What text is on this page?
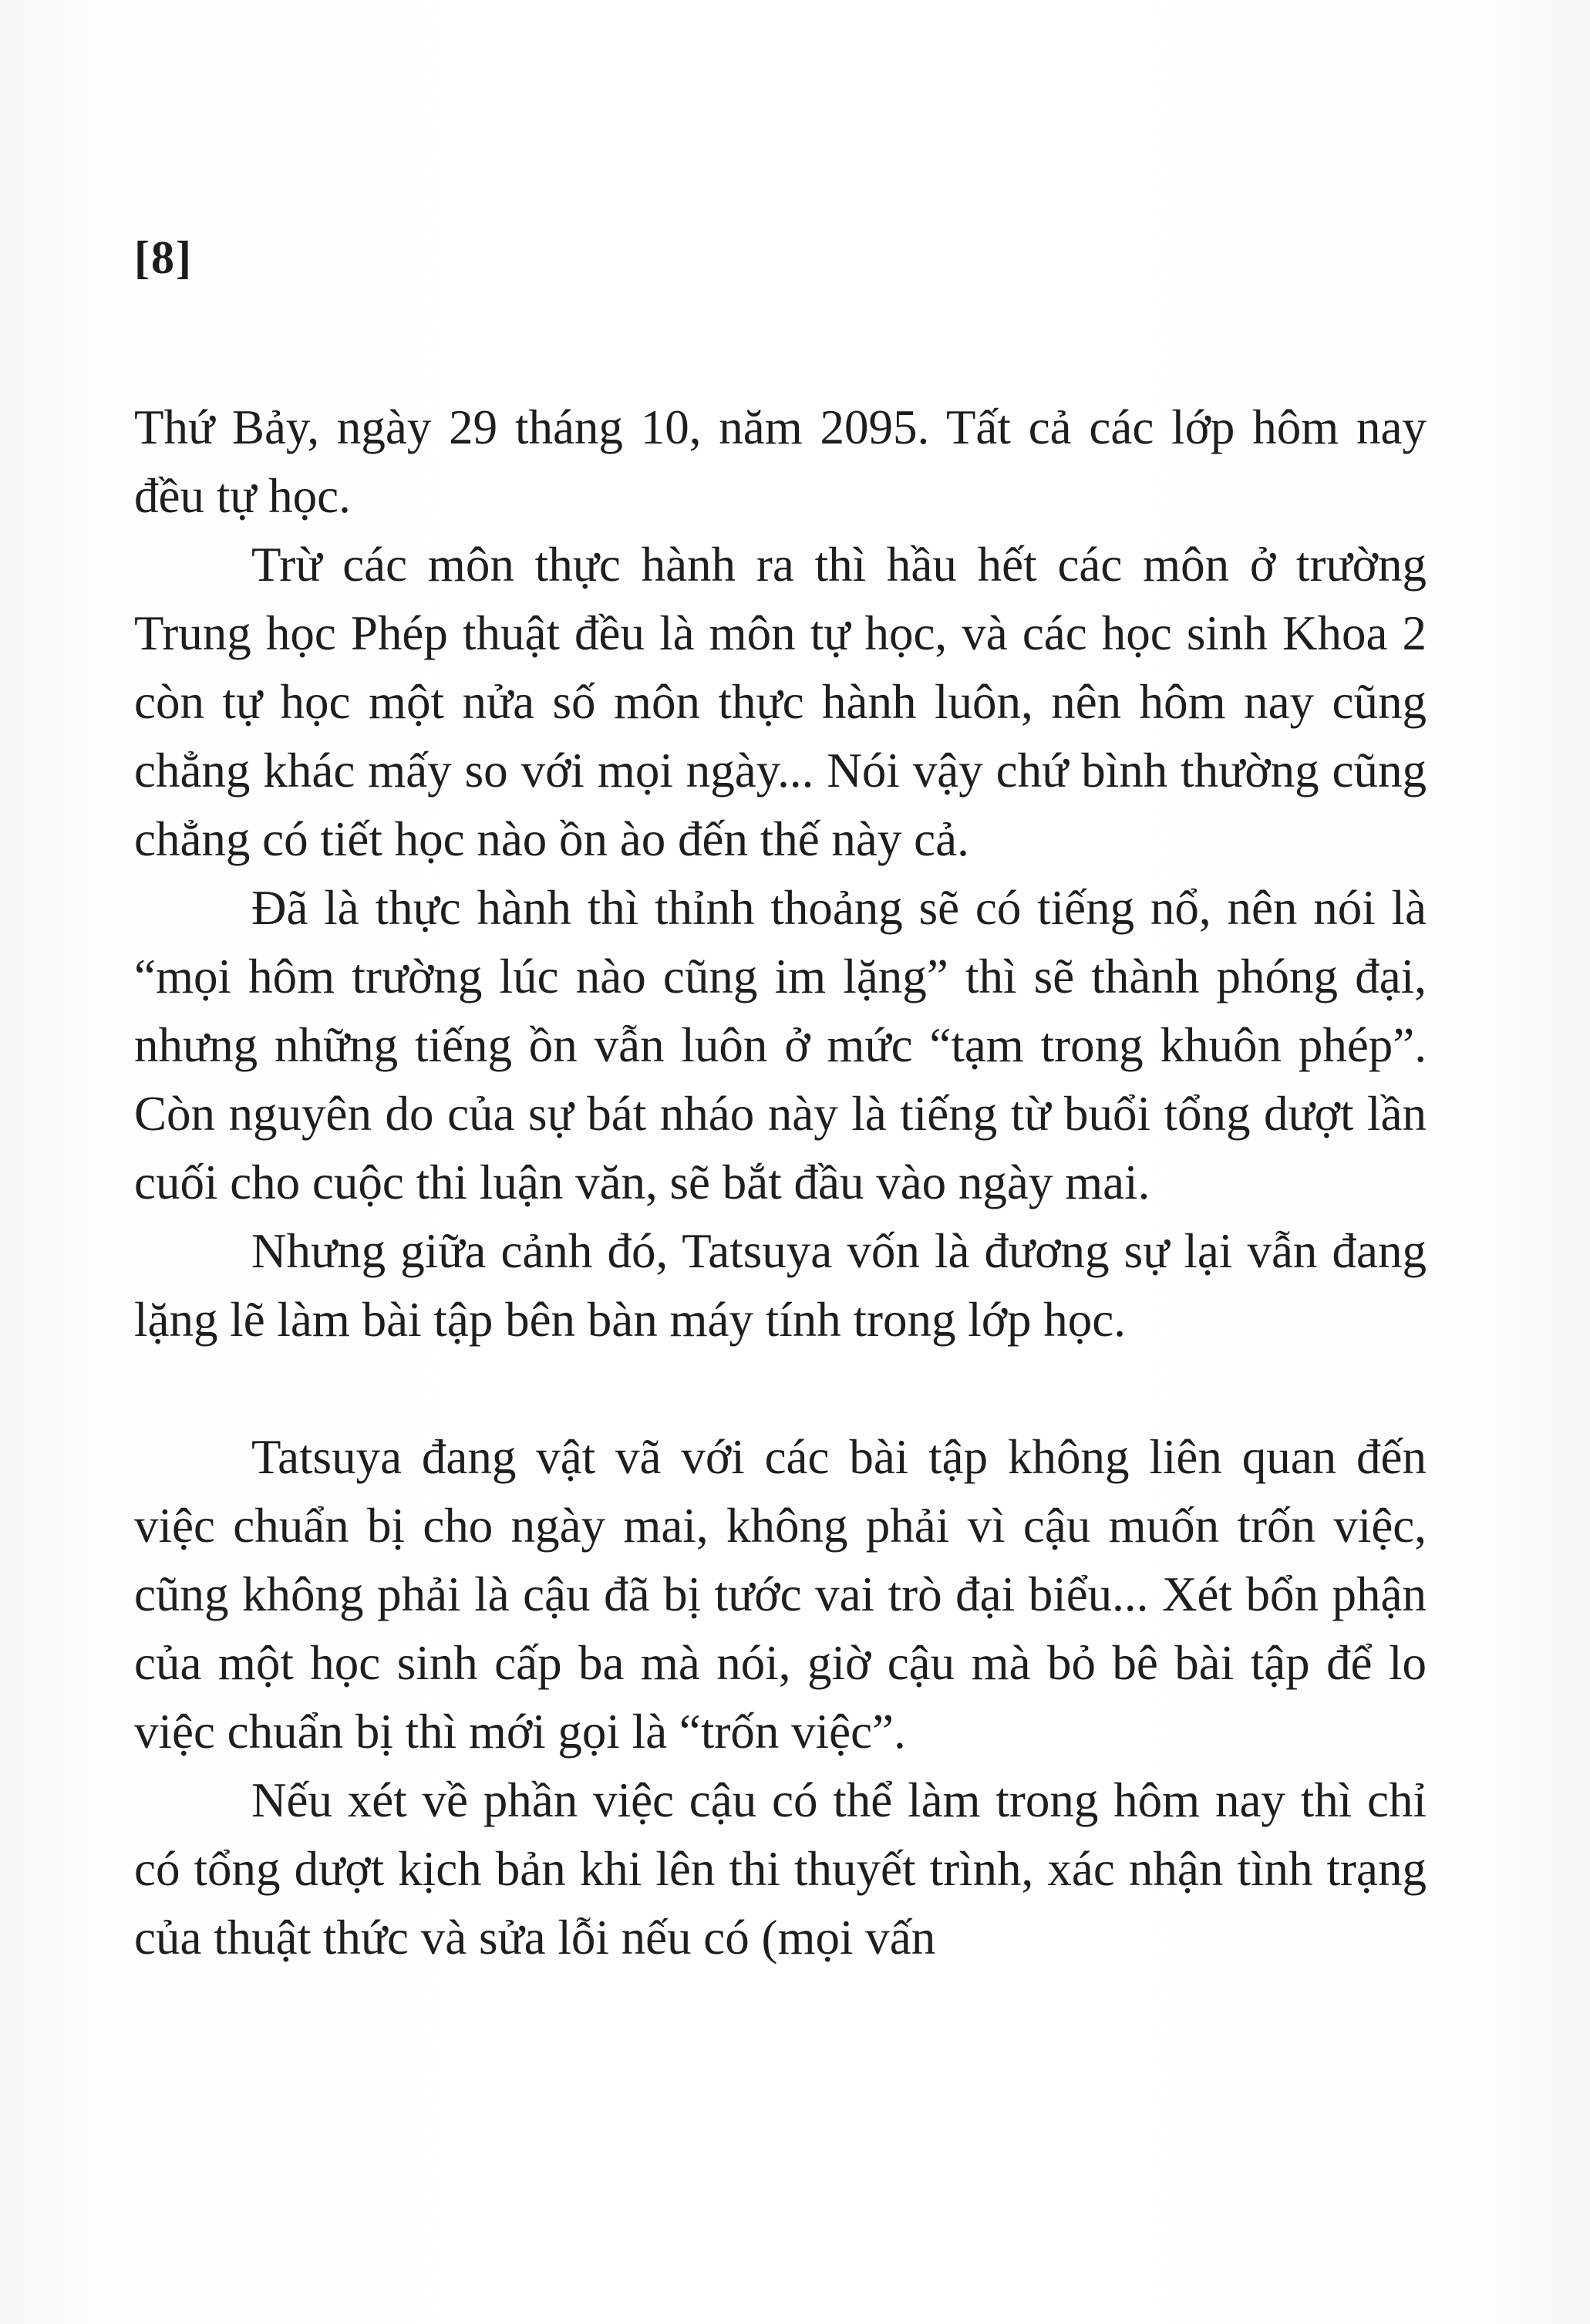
[8]

Thứ Bảy, ngày 29 tháng 10, năm 2095. Tất cả các lớp hôm nay đều tự học.

Trừ các môn thực hành ra thì hầu hết các môn ở trường Trung học Phép thuật đều là môn tự học, và các học sinh Khoa 2 còn tự học một nửa số môn thực hành luôn, nên hôm nay cũng chẳng khác mấy so với mọi ngày... Nói vậy chứ bình thường cũng chẳng có tiết học nào ồn ào đến thế này cả.

Đã là thực hành thì thỉnh thoảng sẽ có tiếng nổ, nên nói là “mọi hôm trường lúc nào cũng im lặng” thì sẽ thành phóng đại, nhưng những tiếng ồn vẫn luôn ở mức “tạm trong khuôn phép”. Còn nguyên do của sự bát nháo này là tiếng từ buổi tổng dượt lần cuối cho cuộc thi luận văn, sẽ bắt đầu vào ngày mai.

Nhưng giữa cảnh đó, Tatsuya vốn là đương sự lại vẫn đang lặng lẽ làm bài tập bên bàn máy tính trong lớp học.

Tatsuya đang vật vã với các bài tập không liên quan đến việc chuẩn bị cho ngày mai, không phải vì cậu muốn trốn việc, cũng không phải là cậu đã bị tước vai trò đại biểu... Xét bổn phận của một học sinh cấp ba mà nói, giờ cậu mà bỏ bê bài tập để lo việc chuẩn bị thì mới gọi là “trốn việc”.

Nếu xét về phần việc cậu có thể làm trong hôm nay thì chỉ có tổng dượt kịch bản khi lên thi thuyết trình, xác nhận tình trạng của thuật thức và sửa lỗi nếu có (mọi vấn
